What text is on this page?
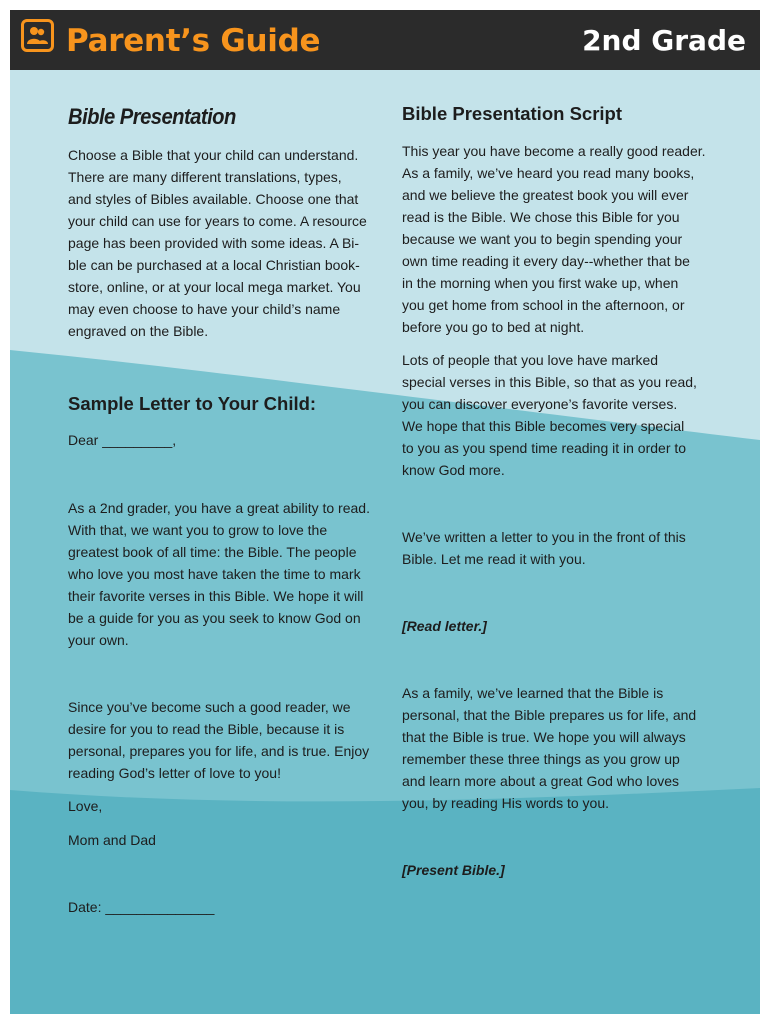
Parent’s Guide	2nd Grade
Bible Presentation
Choose a Bible that your child can understand.
There are many different translations, types,
and styles of Bibles available. Choose one that
your child can use for years to come. A resource
page has been provided with some ideas. A Bi-
ble can be purchased at a local Christian book-
store, online, or at your local mega market. You
may even choose to have your child’s name
engraved on the Bible.
Sample Letter to Your Child:
Dear _________,
As a 2nd grader, you have a great ability to read.
With that, we want you to grow to love the
greatest book of all time: the Bible. The people
who love you most have taken the time to mark
their favorite verses in this Bible. We hope it will
be a guide for you as you seek to know God on
your own.
Since you’ve become such a good reader, we
desire for you to read the Bible, because it is
personal, prepares you for life, and is true. Enjoy
reading God’s letter of love to you!
Love,
Mom and Dad
Date: ______________
Bible Presentation Script
This year you have become a really good reader.
As a family, we’ve heard you read many books,
and we believe the greatest book you will ever
read is the Bible. We chose this Bible for you
because we want you to begin spending your
own time reading it every day--whether that be
in the morning when you first wake up, when
you get home from school in the afternoon, or
before you go to bed at night.
Lots of people that you love have marked
special verses in this Bible, so that as you read,
you can discover everyone’s favorite verses.
We hope that this Bible becomes very special
to you as you spend time reading it in order to
know God more.
We’ve written a letter to you in the front of this
Bible. Let me read it with you.
[Read letter.]
As a family, we’ve learned that the Bible is
personal, that the Bible prepares us for life, and
that the Bible is true. We hope you will always
remember these three things as you grow up
and learn more about a great God who loves
you, by reading His words to you.
[Present Bible.]
